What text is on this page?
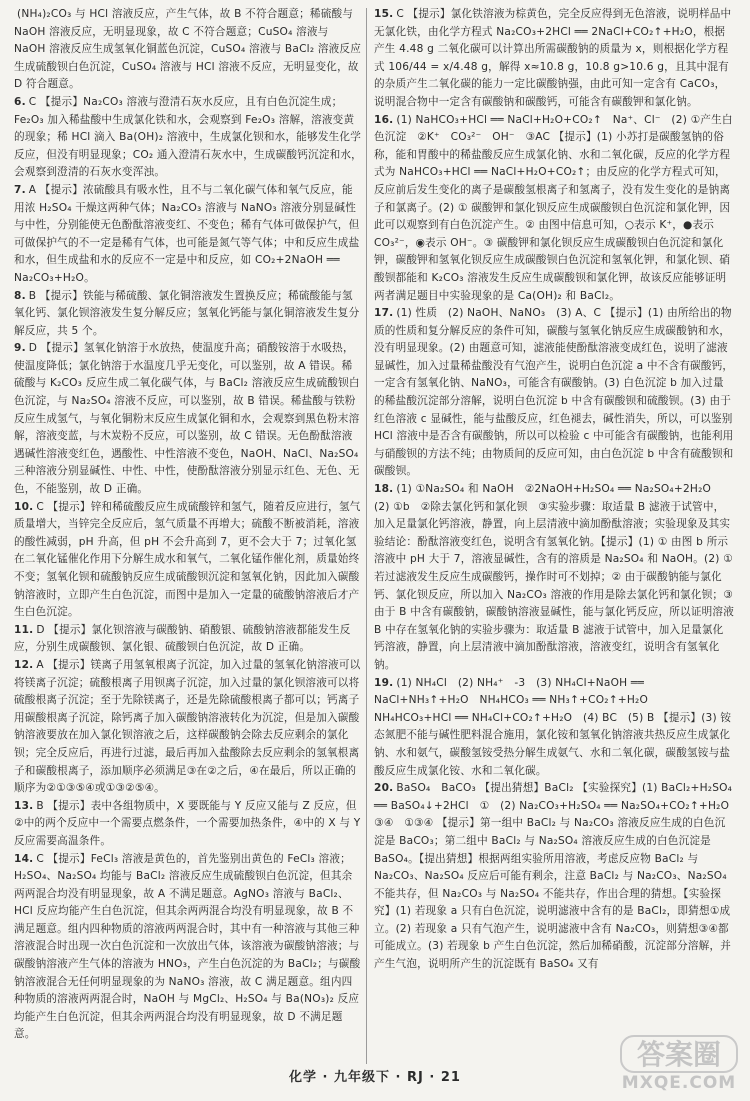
(NH₄)₂CO₃ 与 HCl 溶液反应，产生气体，故 B 不符合题意；稀硫酸与 NaOH 溶液反应，无明显现象，故 C 不符合题意；CuSO₄ 溶液与 NaOH 溶液反应生成氢氧化铜蓝色沉淀，CuSO₄ 溶液与 BaCl₂ 溶液反应生成硫酸钡白色沉淀，CuSO₄ 溶液与 HCl 溶液不反应，无明显变化，故 D 符合题意。

6. C 【提示】Na₂CO₃ 溶液与澄清石灰水反应，且有白色沉淀生成；Fe₂O₃ 加入稀盐酸中生成氯化铁和水，会观察到 Fe₂O₃ 溶解，溶液变黄的现象；稀 HCl 滴入 Ba(OH)₂ 溶液中，生成氯化钡和水，能够发生化学反应，但没有明显现象；CO₂ 通入澄清石灰水中，生成碳酸钙沉淀和水，会观察到澄清的石灰水变浑浊。

7. A 【提示】浓硫酸具有吸水性，且不与二氧化碳气体和氧气反应，能用浓 H₂SO₄ 干燥这两种气体；Na₂CO₃ 溶液与 NaNO₃ 溶液分别显碱性与中性，分别能使无色酚酞溶液变红、不变色；稀有气体可做保护气，但可做保护气的不一定是稀有气体，也可能是氮气等气体；中和反应生成盐和水，但生成盐和水的反应不一定是中和反应，如 CO₂+2NaOH ══ Na₂CO₃+H₂O。

8. B 【提示】铁能与稀硫酸、氯化铜溶液发生置换反应；稀硫酸能与氢氧化钙、氯化钡溶液发生复分解反应；氢氧化钙能与氯化铜溶液发生复分解反应，共 5 个。

9. D 【提示】氢氧化钠溶于水放热，使温度升高；硝酸铵溶于水吸热，使温度降低；氯化钠溶于水温度几乎无变化，可以鉴别，故 A 错误。稀硫酸与 K₂CO₃ 反应生成二氧化碳气体，与 BaCl₂ 溶液反应生成硫酸钡白色沉淀，与 Na₂SO₄ 溶液不反应，可以鉴别，故 B 错误。稀盐酸与铁粉反应生成氢气，与氧化铜粉末反应生成氯化铜和水，会观察到黑色粉末溶解，溶液变蓝，与木炭粉不反应，可以鉴别，故 C 错误。无色酚酞溶液遇碱性溶液变红色，遇酸性、中性溶液不变色，NaOH、NaCl、Na₂SO₄ 三种溶液分别显碱性、中性、中性，使酚酞溶液分别显示红色、无色、无色，不能鉴别，故 D 正确。

10. C 【提示】锌和稀硫酸反应生成硫酸锌和氢气，随着反应进行，氢气质量增大，当锌完全反应后，氢气质量不再增大；硫酸不断被消耗，溶液的酸性减弱，pH 升高，但 pH 不会升高到 7，更不会大于 7；过氧化氢在二氧化锰催化作用下分解生成水和氧气，二氧化锰作催化剂，质量始终不变；氢氧化钡和硫酸钠反应生成硫酸钡沉淀和氢氧化钠，因此加入碳酸钠溶液时，立即产生白色沉淀，而图中是加入一定量的硫酸钠溶液后才产生白色沉淀。

11. D 【提示】氯化钡溶液与碳酸钠、硝酸银、硫酸钠溶液都能发生反应，分别生成碳酸钡、氯化银、硫酸钡白色沉淀，故 D 正确。

12. A 【提示】镁离子用氢氧根离子沉淀，加入过量的氢氧化钠溶液可以将镁离子沉淀；硫酸根离子用钡离子沉淀，加入过量的氯化钡溶液可以将硫酸根离子沉淀；至于先除镁离子，还是先除硫酸根离子都可以；钙离子用碳酸根离子沉淀，除钙离子加入碳酸钠溶液转化为沉淀，但是加入碳酸钠溶液要放在加入氯化钡溶液之后，这样碳酸钠会除去反应剩余的氯化钡；完全反应后，再进行过滤，最后再加入盐酸除去反应剩余的氢氧根离子和碳酸根离子，添加顺序必须满足③在②之后，④在最后，所以正确的顺序为②①③⑤④或①③②⑤④。

13. B 【提示】表中各组物质中，X 要既能与 Y 反应又能与 Z 反应，但②中的两个反应中一个需要点燃条件，一个需要加热条件，④中的 X 与 Y 反应需要高温条件。

14. C 【提示】FeCl₃ 溶液是黄色的，首先鉴别出黄色的 FeCl₃ 溶液；H₂SO₄、Na₂SO₄ 均能与 BaCl₂ 溶液反应生成硫酸钡白色沉淀，但其余两两混合均没有明显现象，故 A 不满足题意。AgNO₃ 溶液与 BaCl₂、HCl 反应均能产生白色沉淀，但其余两两混合均没有明显现象，故 B 不满足题意。组内四种物质的溶液两两混合时，其中有一种溶液与其他三种溶液混合时出现一次白色沉淀和一次放出气体，该溶液为碳酸钠溶液；与碳酸钠溶液产生气体的溶液为 HNO₃，产生白色沉淀的为 BaCl₂；与碳酸钠溶液混合无任何明显现象的为 NaNO₃ 溶液，故 C 满足题意。组内四种物质的溶液两两混合时，NaOH 与 MgCl₂、H₂SO₄ 与 Ba(NO₃)₂ 反应均能产生白色沉淀，但其余两两混合均没有明显现象，故 D 不满足题意。

15. C 【提示】氯化铁溶液为棕黄色，完全反应得到无色溶液，说明样品中无氯化铁，由化学方程式 Na₂CO₃+2HCl ══ 2NaCl+CO₂↑+H₂O，根据产生 4.48 g 二氧化碳可以计算出所需碳酸钠的质量为 x，则根据化学方程式 106/44 = x/4.48 g，解得 x≈10.8 g，10.8 g>10.6 g，且其中混有的杂质产生二氧化碳的能力一定比碳酸钠强，由此可知一定含有 CaCO₃，说明混合物中一定含有碳酸钠和碳酸钙，可能含有碳酸钾和氯化钠。

16. (1) NaHCO₃+HCl ══ NaCl+H₂O+CO₂↑　Na⁺、Cl⁻　(2) ①产生白色沉淀　②K⁺　CO₃²⁻　OH⁻　③AC 【提示】(1) 小苏打是碳酸氢钠的俗称，能和胃酸中的稀盐酸反应生成氯化钠、水和二氧化碳，反应的化学方程式为 NaHCO₃+HCl ══ NaCl+H₂O+CO₂↑；由反应的化学方程式可知，反应前后发生变化的离子是碳酸氢根离子和氢离子，没有发生变化的是钠离子和氯离子。(2) ① 碳酸钾和氯化钡反应生成碳酸钡白色沉淀和氯化钾，因此可以观察到有白色沉淀产生。② 由图中信息可知，○表示 K⁺，●表示 CO₃²⁻，◉表示 OH⁻。③ 碳酸钾和氯化钡反应生成碳酸钡白色沉淀和氯化钾，碳酸钾和氢氧化钡反应生成碳酸钡白色沉淀和氢氧化钾，和氯化钡、硝酸钡都能和 K₂CO₃ 溶液发生反应生成碳酸钡和氯化钾，故该反应能够证明两者满足题目中实验现象的是 Ca(OH)₂ 和 BaCl₂。

17. (1) 性质　(2) NaOH、NaNO₃　(3) A、C 【提示】(1) 由所给出的物质的性质和复分解反应的条件可知，碳酸与氢氧化钠反应生成碳酸钠和水，没有明显现象。(2) 由题意可知，滤液能使酚酞溶液变成红色，说明了滤液显碱性，加入过量稀盐酸没有气泡产生，说明白色沉淀 a 中不含有碳酸钙，一定含有氢氧化钠、NaNO₃，可能含有碳酸钠。(3) 白色沉淀 b 加入过量的稀盐酸沉淀部分溶解，说明白色沉淀 b 中含有碳酸钡和硫酸钡。(3) 由于红色溶液 c 显碱性，能与盐酸反应，红色褪去，碱性消失，所以，可以鉴别 HCl 溶液中是否含有碳酸钠，所以可以检验 c 中可能含有碳酸钠，也能利用与硝酸钡的方法不纯；由物质间的反应可知，由白色沉淀 b 中含有硫酸钡和碳酸钡。

18. (1) ①Na₂SO₄ 和 NaOH　②2NaOH+H₂SO₄ ══ Na₂SO₄+2H₂O　(2) ①b　②除去氯化钙和氯化钡　③实验步骤：取适量 B 滤液于试管中，加入足量氯化钙溶液，静置，向上层清液中滴加酚酞溶液；实验现象及其实验结论：酚酞溶液变红色，说明含有氢氧化钠。【提示】(1) ① 由图 b 所示溶液中 pH 大于 7，溶液显碱性，含有的溶质是 Na₂SO₄ 和 NaOH。(2) ① 若过滤液发生反应生成碳酸钙，操作时可不划掉；② 由于碳酸钠能与氯化钙、氯化钡反应，所以加入 Na₂CO₃ 溶液的作用是除去氯化钙和氯化钡；③ 由于 B 中含有碳酸钠，碳酸钠溶液显碱性，能与氯化钙反应，所以证明溶液 B 中存在氢氧化钠的实验步骤为：取适量 B 滤液于试管中，加入足量氯化钙溶液，静置，向上层清液中滴加酚酞溶液，溶液变红，说明含有氢氧化钠。

19. (1) NH₄Cl　(2) NH₄⁺　-3　(3) NH₄Cl+NaOH ══ NaCl+NH₃↑+H₂O　NH₄HCO₃ ══ NH₃↑+CO₂↑+H₂O　NH₄HCO₃+HCl ══ NH₄Cl+CO₂↑+H₂O　(4) BC　(5) B 【提示】(3) 铵态氮肥不能与碱性肥料混合施用，氯化铵和氢氧化钠溶液共热反应生成氯化钠、水和氨气，碳酸氢铵受热分解生成氨气、水和二氧化碳，碳酸氢铵与盐酸反应生成氯化铵、水和二氧化碳。

20. BaSO₄　BaCO₃ 【提出猜想】BaCl₂ 【实验探究】(1) BaCl₂+H₂SO₄ ══ BaSO₄↓+2HCl　①　(2) Na₂CO₃+H₂SO₄ ══ Na₂SO₄+CO₂↑+H₂O　③④　①③④ 【提示】第一组中 BaCl₂ 与 Na₂CO₃ 溶液反应生成的白色沉淀是 BaCO₃；第二组中 BaCl₂ 与 Na₂SO₄ 溶液反应生成的白色沉淀是 BaSO₄。【提出猜想】根据两组实验所用溶液，考虑反应物 BaCl₂ 与 Na₂CO₃、Na₂SO₄ 反应后可能有剩余，注意 BaCl₂ 与 Na₂CO₃、Na₂SO₄ 不能共存，但 Na₂CO₃ 与 Na₂SO₄ 不能共存，作出合理的猜想。【实验探究】(1) 若现象 a 只有白色沉淀，说明滤液中含有的是 BaCl₂，即猜想①成立。(2) 若现象 a 只有气泡产生，说明滤液中含有 Na₂CO₃，则猜想③④都可能成立。(3) 若现象 b 产生白色沉淀，然后加稀硝酸，沉淀部分溶解，并产生气泡，说明所产生的沉淀既有 BaSO₄ 又有

化学 · 九年级下 · RJ · 21
答案圈
MXQE.COM
